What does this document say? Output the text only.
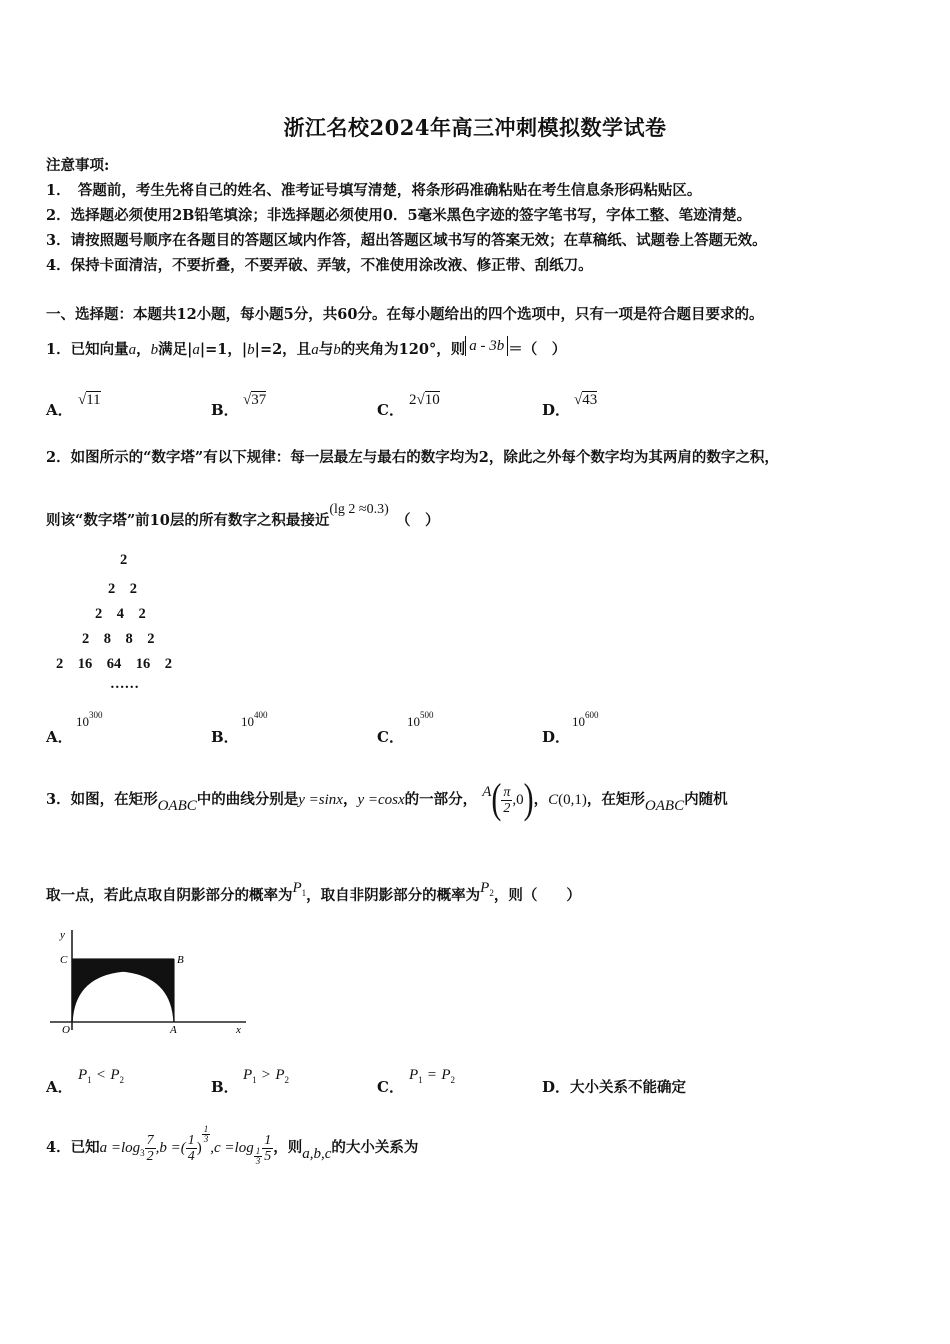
浙江名校2024年高三冲刺模拟数学试卷
注意事项:
1．　答题前，考生先将自己的姓名、准考证号填写清楚，将条形码准确粘贴在考生信息条形码粘贴区。
2．选择题必须使用2B铅笔填涂；非选择题必须使用0．5毫米黑色字迹的签字笔书写，字体工整、笔迹清楚。
3．请按照题号顺序在各题目的答题区域内作答，超出答题区域书写的答案无效；在草稿纸、试题卷上答题无效。
4．保持卡面清洁，不要折叠，不要弄破、弄皱，不准使用涂改液、修正带、刮纸刀。
一、选择题：本题共12小题，每小题5分，共60分。在每小题给出的四个选项中，只有一项是符合题目要求的。
1．已知向量a，b满足|a|=1，|b|=2，且a与b的夹角为120°，则 a - 3b ＝（　）
A．
√11
B．
√37
C．
2√10
D．
√43
2．如图所示的“数字塔”有以下规律：每一层最左与最右的数字均为2，除此之外每个数字均为其两肩的数字之积，
则该“数字塔”前10层的所有数字之积最接近(lg 2 ≈0.3)　（　）
2
2　2
2　4　2
2　8　8　2
2　16　64　16　2
……
A．
$10^{300}$
B．
$10^{400}$
C．
$10^{500}$
D．
$10^{600}$
3．如图，在矩形OABC中的曲线分别是y =sinx，y =cosx的一部分， $A( \frac{\pi}{2} ,0)$，C(0,1)，在矩形OABC内随机
取一点，若此点取自阴影部分的概率为$P^1$，取自非阴影部分的概率为$P^2$，则（　　）
y
C	B
O	A	x
A．
$P_1 < P_2$	B．
$P_1 > P_2$	C．
$P_1 = P_2$	D．大小关系不能确定
4．已知$a =\log_3 \frac{7}{2} ,b$ =( $\frac{1}{4}$ )
$\frac{1}{3}$
$,c =\log \frac{1}{3} \frac{1}{5}$ ，则a,b,c的大小关系为
